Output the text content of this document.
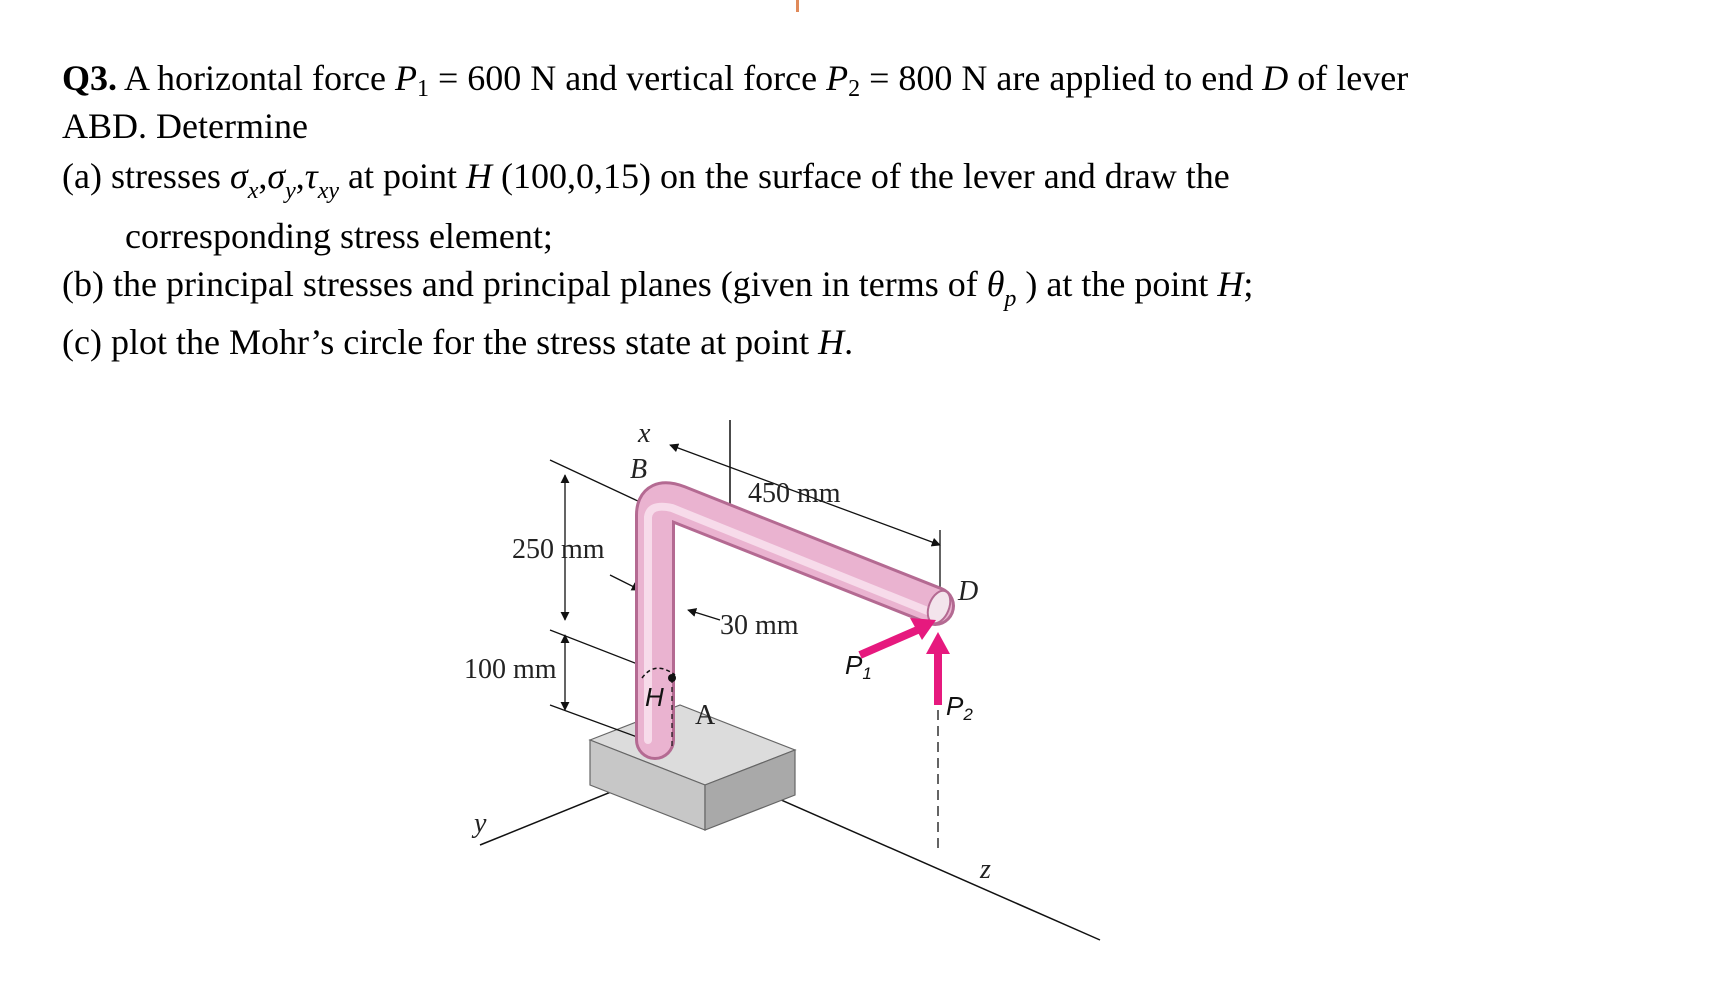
Q3. A horizontal force $P_1 = 600$ N and vertical force $P_2 = 800$ N are applied to end D of lever
ABD. Determine
(a) stresses $\sigma_x,\sigma_y,\tau_{xy}$ at point H (100,0,15) on the surface of the lever and draw the
corresponding stress element;
(b) the principal stresses and principal planes (given in terms of $\theta_p$ ) at the point H;
(c) plot the Mohr’s circle for the stress state at point H.
x
B
450 mm
250 mm
D
30 mm
P1
100 mm
H
A	P2
y
z
